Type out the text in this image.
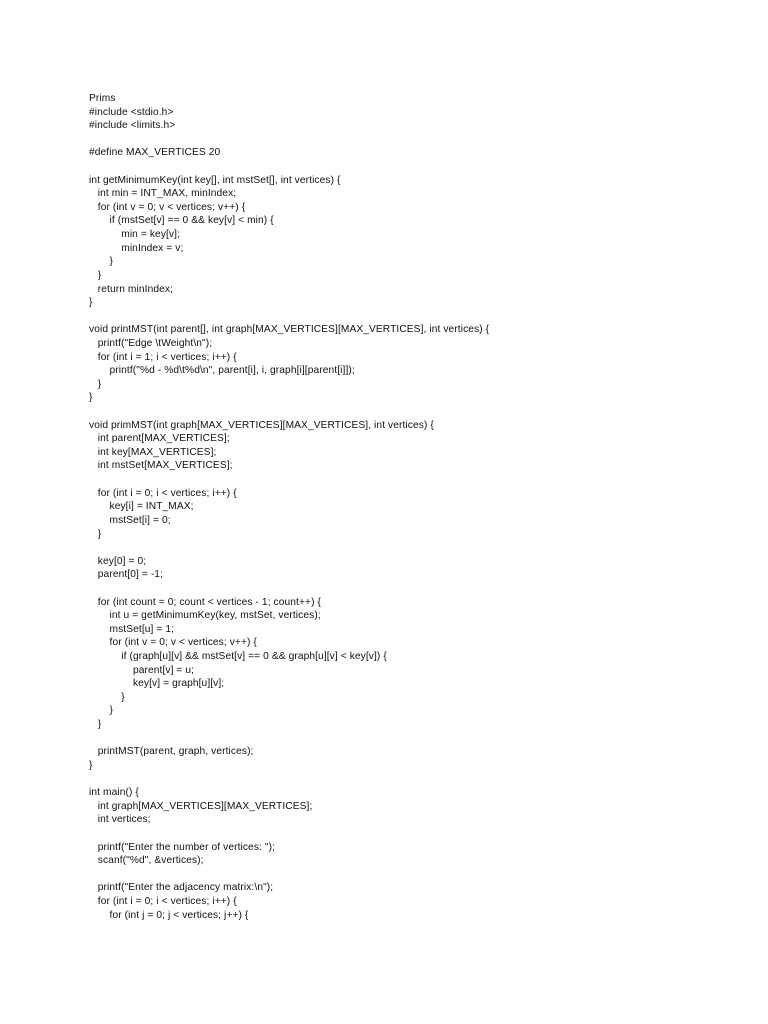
Prims
#include <stdio.h>
#include <limits.h>
#define MAX_VERTICES 20
int getMinimumKey(int key[], int mstSet[], int vertices) {
int min = INT_MAX, minIndex;
for (int v = 0; v < vertices; v++) {
if (mstSet[v] == 0 && key[v] < min) {
min = key[v];
minIndex = v;
}
}
return minIndex;
}
void printMST(int parent[], int graph[MAX_VERTICES][MAX_VERTICES], int vertices) {
printf("Edge \tWeight\n");
for (int i = 1; i < vertices; i++) {
printf("%d - %d\t%d\n", parent[i], i, graph[i][parent[i]]);
}
}
void primMST(int graph[MAX_VERTICES][MAX_VERTICES], int vertices) {
int parent[MAX_VERTICES];
int key[MAX_VERTICES];
int mstSet[MAX_VERTICES];
for (int i = 0; i < vertices; i++) {
key[i] = INT_MAX;
mstSet[i] = 0;
}
key[0] = 0;
parent[0] = -1;
for (int count = 0; count < vertices - 1; count++) {
int u = getMinimumKey(key, mstSet, vertices);
mstSet[u] = 1;
for (int v = 0; v < vertices; v++) {
if (graph[u][v] && mstSet[v] == 0 && graph[u][v] < key[v]) {
parent[v] = u;
key[v] = graph[u][v];
}
}
}
printMST(parent, graph, vertices);
}
int main() {
int graph[MAX_VERTICES][MAX_VERTICES];
int vertices;
printf("Enter the number of vertices: ");
scanf("%d", &vertices);
printf("Enter the adjacency matrix:\n");
for (int i = 0; i < vertices; i++) {
for (int j = 0; j < vertices; j++) {
